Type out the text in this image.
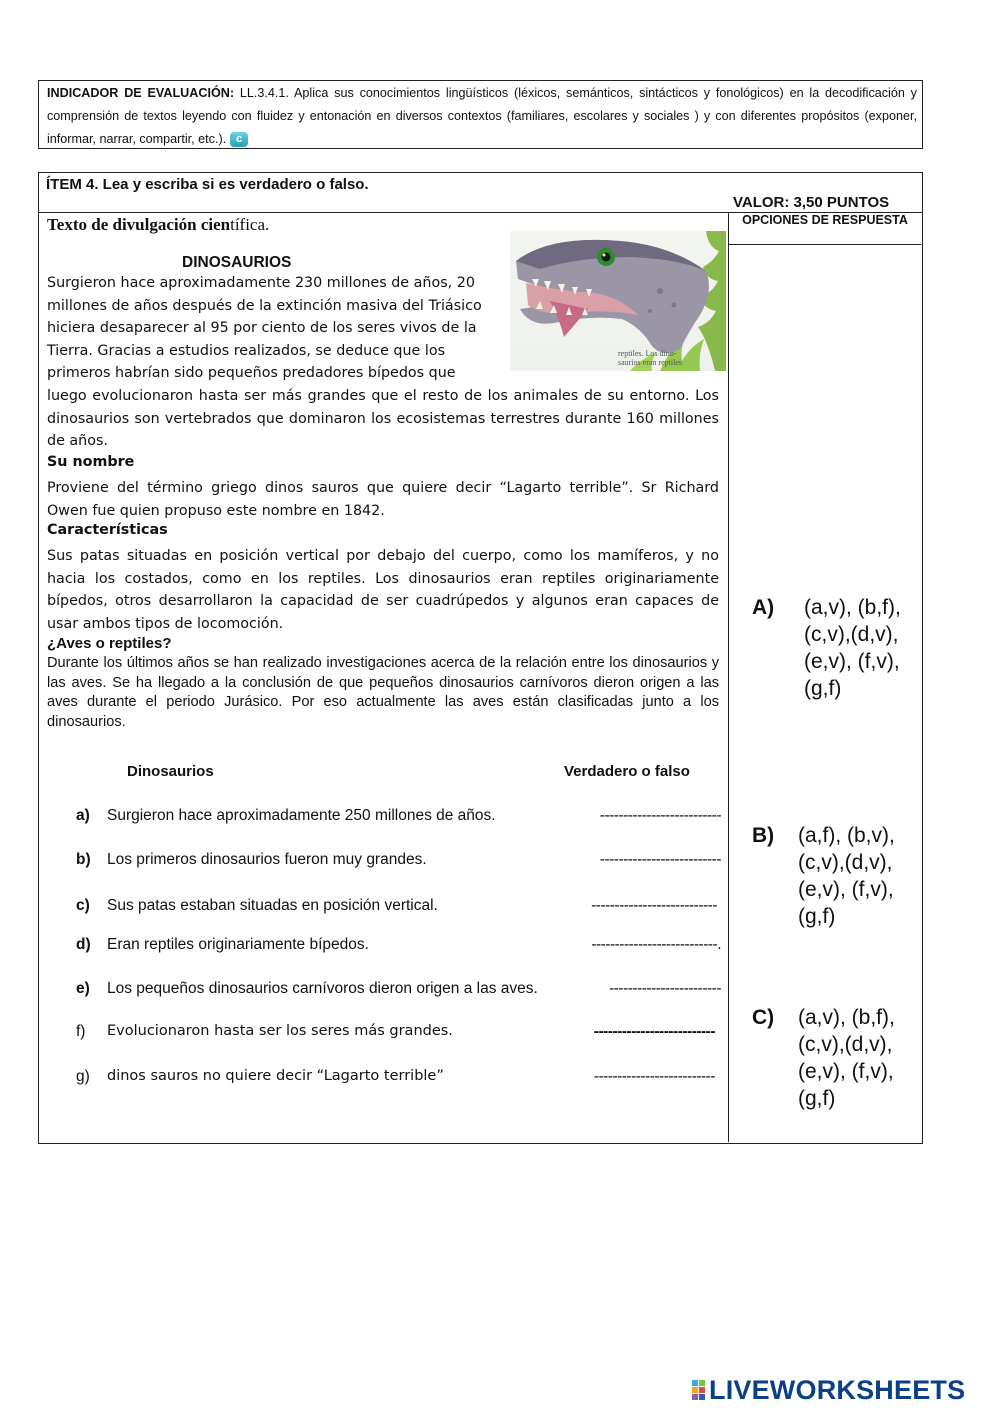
INDICADOR DE EVALUACIÓN: LL.3.4.1. Aplica sus conocimientos lingüísticos (léxicos, semánticos, sintácticos y fonológicos) en la decodificación y comprensión de textos leyendo con fluidez y entonación en diversos contextos (familiares, escolares y sociales ) y con diferentes propósitos (exponer, informar, narrar, compartir, etc.). c
ÍTEM 4. Lea y escriba si es verdadero o falso.
VALOR: 3,50 PUNTOS
OPCIONES DE RESPUESTA
Texto de divulgación científica.
reptiles. Los dino-saurios eran reptiles
DINOSAURIOS
Surgieron hace aproximadamente 230 millones de años, 20
millones de años después de la extinción masiva del Triásico
hiciera desaparecer al 95 por ciento de los seres vivos de la
Tierra. Gracias a estudios realizados, se deduce que los
primeros habrían sido pequeños predadores bípedos que
luego evolucionaron hasta ser más grandes que el resto de los animales de su entorno. Los dinosaurios son vertebrados que dominaron los ecosistemas terrestres durante 160 millones de años.
Su nombre
Proviene del término griego dinos sauros que quiere decir “Lagarto terrible”. Sr Richard Owen fue quien propuso este nombre en 1842.
Características
Sus patas situadas en posición vertical por debajo del cuerpo, como los mamíferos, y no hacia los costados, como en los reptiles. Los dinosaurios eran reptiles originariamente bípedos, otros desarrollaron la capacidad de ser cuadrúpedos y algunos eran capaces de usar ambos tipos de locomoción.
¿Aves o reptiles?
Durante los últimos años se han realizado investigaciones acerca de la relación entre los dinosaurios y las aves. Se ha llegado a la conclusión de que pequeños dinosaurios carnívoros dieron origen a las aves durante el periodo Jurásico. Por eso actualmente las aves están clasificadas junto a los dinosaurios.
Dinosaurios	Verdadero o falso
a) Surgieron hace aproximadamente 250 millones de años.	--------------------------
b) Los primeros dinosaurios fueron muy grandes.	--------------------------
c) Sus patas estaban situadas en posición vertical.	---------------------------
d) Eran reptiles originariamente bípedos.	---------------------------.
e) Los pequeños dinosaurios carnívoros dieron origen a las aves.	------------------------
f) Evolucionaron hasta ser los seres más grandes.	--------------------------
g) dinos sauros no quiere decir “Lagarto terrible”	--------------------------
A) (a,v), (b,f),
(c,v),(d,v),
(e,v), (f,v),
(g,f)
B) (a,f), (b,v),
(c,v),(d,v),
(e,v), (f,v),
(g,f)
C) (a,v), (b,f),
(c,v),(d,v),
(e,v), (f,v),
(g,f)
LIVEWORKSHEETS
